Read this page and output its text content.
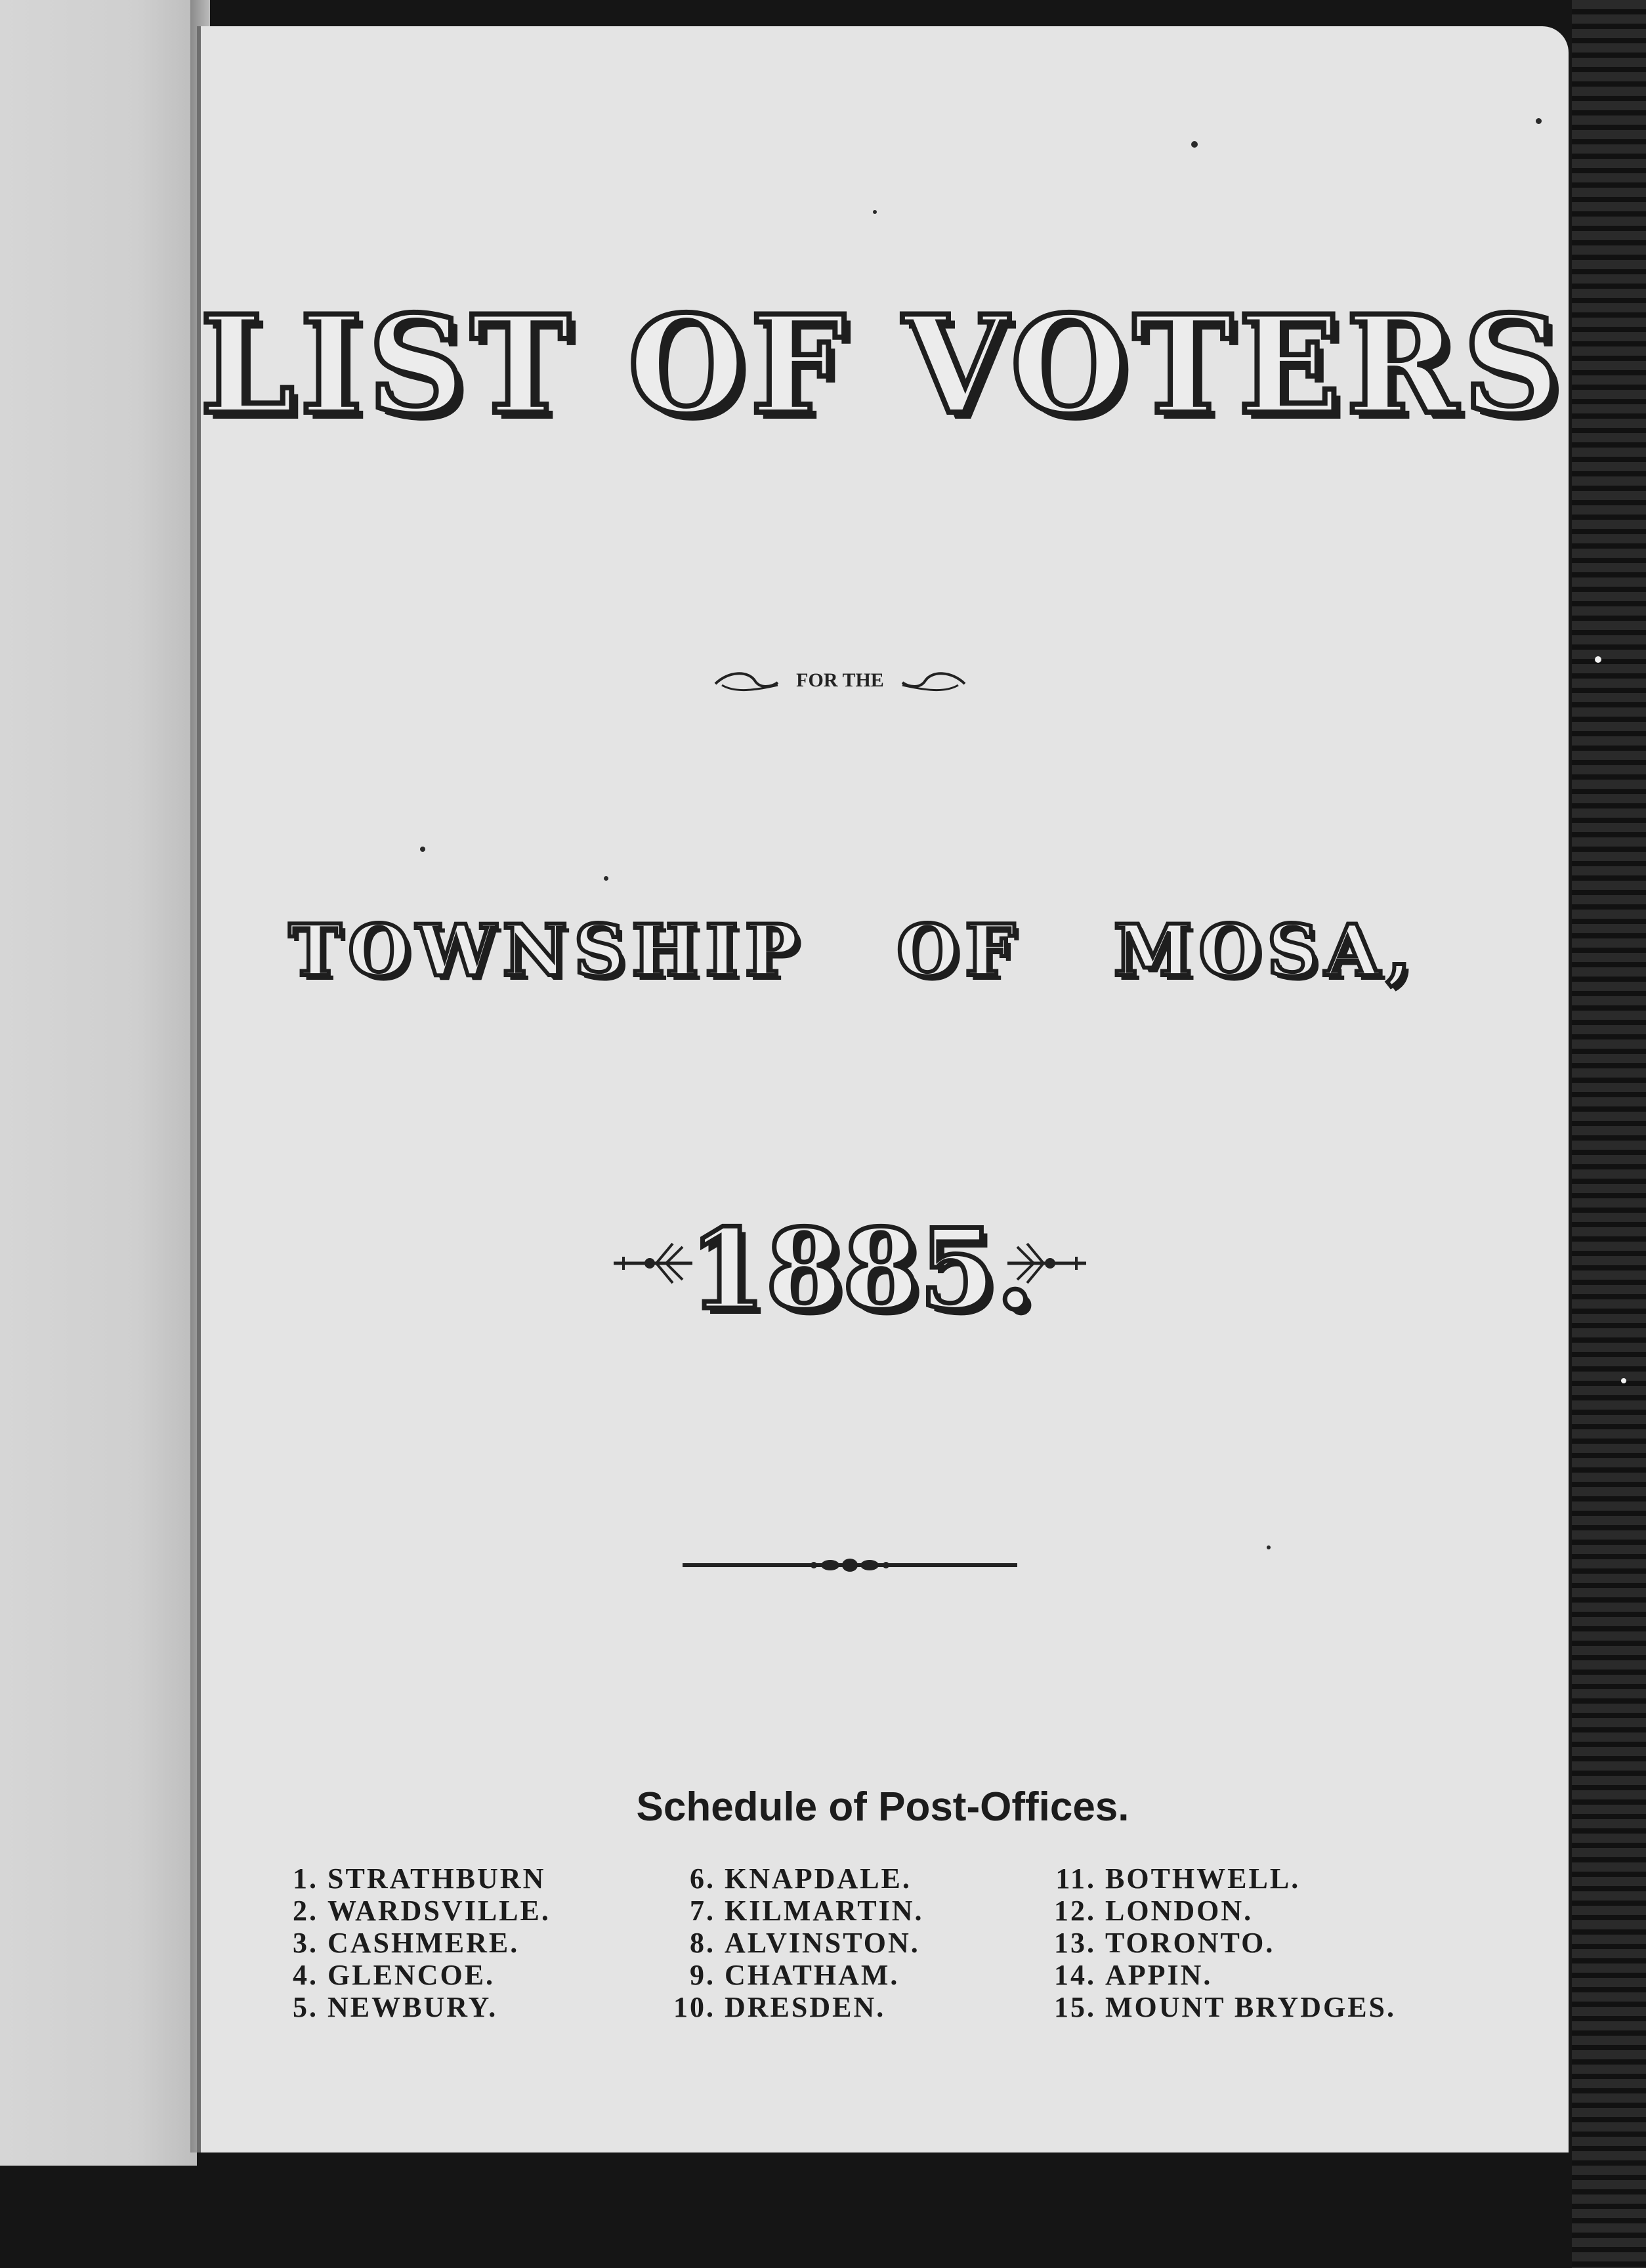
LIST OF VOTERS
FOR THE
TOWNSHIP OF MOSA,
1885.
Schedule of Post-Offices.
1. STRATHBURN
2. WARDSVILLE.
3. CASHMERE.
4. GLENCOE.
5. NEWBURY.
6. KNAPDALE.
7. KILMARTIN.
8. ALVINSTON.
9. CHATHAM.
10. DRESDEN.
11. BOTHWELL.
12. LONDON.
13. TORONTO.
14. APPIN.
15. MOUNT BRYDGES.
